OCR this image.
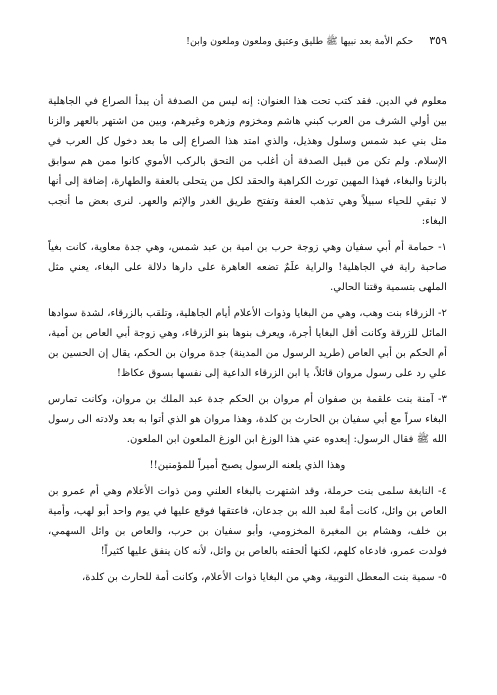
٣٥٩
حكم الأمة بعد نبيها ﷺ طليق وعتيق وملعون وملعون وابن!

معلوم في الدين. فقد كتب تحت هذا العنوان: إنه ليس من الصدفة أن يبدأ الصراع في الجاهلية بين أولي الشرف من العرب كبني هاشم ومخزوم وزهره وغيرهم، وبين من اشتهر بالعهر والزنا مثل بني عبد شمس وسلول وهذيل، والذي امتد هذا الصراع إلى ما بعد دخول كل العرب في الإسلام. ولم تكن من قبيل الصدفة أن أغلب من التحق بالركب الأموي كانوا ممن هم سوابق بالزنا والبغاء، فهذا المهين تورث الكراهية والحقد لكل من يتحلى بالعفة والطهارة، إضافة إلى أنها لا تبقي للحياء سبيلاً وهي تذهب العفة وتفتح طريق الغدر والإثم والعهر. لنرى بعض ما أنجب البغاء:

١- حمامة أم أبي سفيان وهي زوجة حرب بن امية بن عبد شمس، وهي جدة معاوية، كانت بغياً صاحبة راية في الجاهلية! والراية علَمٌ تضعه العاهرة على دارها دلالة على البغاء، يعني مثل الملهى بتسمية وقتنا الحالي.

٢- الزرقاء بنت وهب، وهي من البغايا وذوات الأعلام أيام الجاهلية، وتلقب بالزرقاء، لشدة سوادها المائل للزرقة وكانت أقل البغايا أجرة، ويعرف بنوها بنو الزرقاء، وهي زوجة أبي العاص بن أمية، أم الحكم بن أبي العاص (طريد الرسول من المدينة) جدة مروان بن الحكم، يقال إن الحسين بن علي رد على رسول مروان قائلاً، يا ابن الزرقاء الداعية إلى نفسها بسوق عكاظ!

٣- آمنة بنت علقمة بن صفوان أم مروان بن الحكم جدة عبد الملك بن مروان، وكانت تمارس البغاء سراً مع أبي سفيان بن الحارث بن كلدة، وهذا مروان هو الذي أتوا به بعد ولادته الى رسول الله ﷺ فقال الرسول: إبعدوه عني هذا الوزغ ابن الوزغ الملعون ابن الملعون.

وهذا الذي يلعنه الرسول يصبح أميراً للمؤمنين!!

٤- النابغة سلمى بنت حرملة، وقد اشتهرت بالبغاء العلني ومن ذوات الأعلام وهي أم عمرو بن العاص بن وائل، كانت أمةً لعبد الله بن جدعان، فاعتقها فوقع عليها في يوم واحد أبو لهب، وأمية بن خلف، وهشام بن المغيرة المخزومي، وأبو سفيان بن حرب، والعاص بن وائل السهمي، فولدت عمرو، فادعاه كلهم، لكنها ألحقته بالعاص بن وائل، لأنه كان ينفق عليها كثيراً!

٥- سمية بنت المعطل النوبية، وهي من البغايا ذوات الأعلام، وكانت أمة للحارث بن كلدة،
